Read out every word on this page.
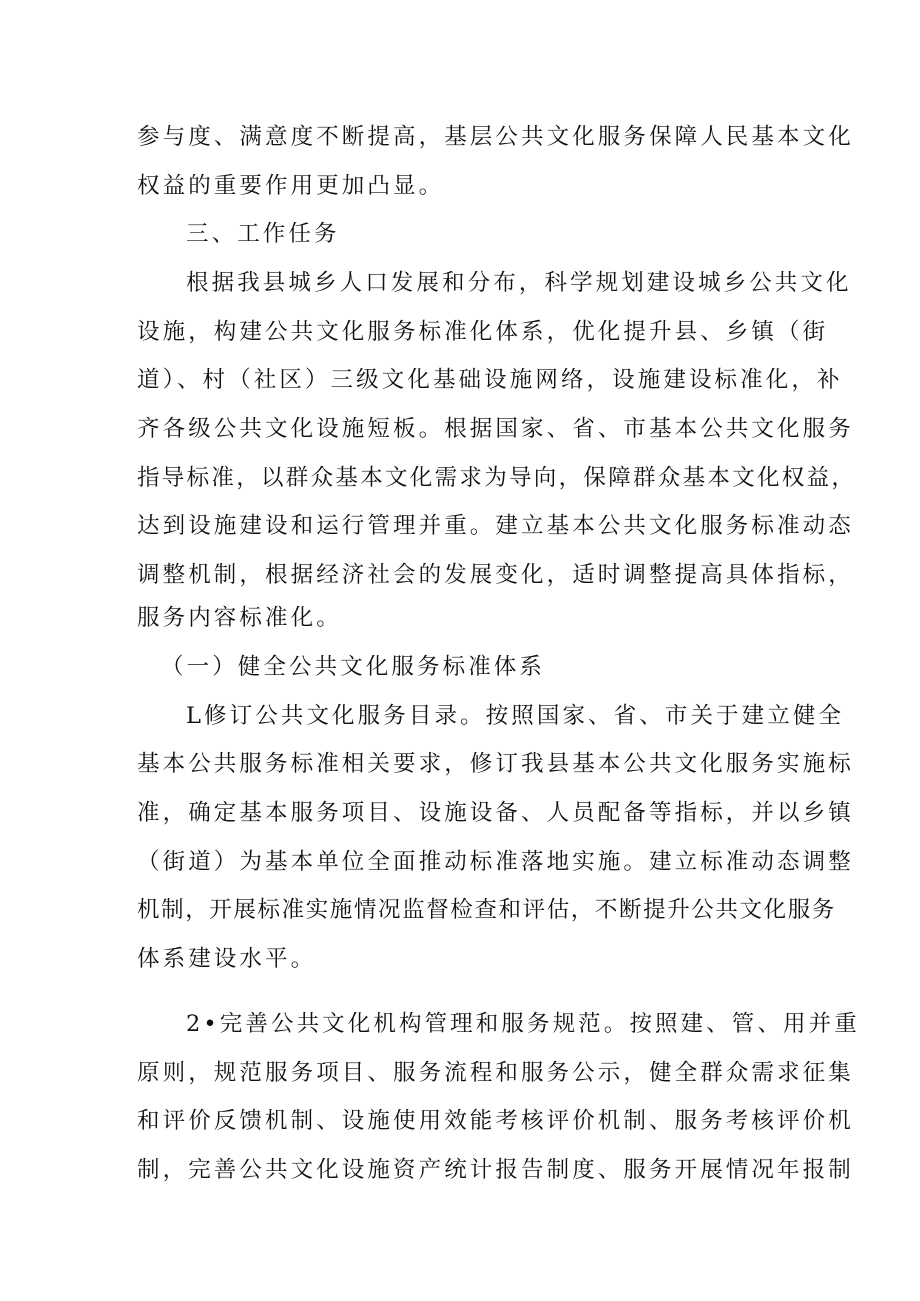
参与度、满意度不断提高，基层公共文化服务保障人民基本文化
权益的重要作用更加凸显。
三、工作任务
根据我县城乡人口发展和分布，科学规划建设城乡公共文化
设施，构建公共文化服务标准化体系，优化提升县、乡镇（街
道）、村（社区）三级文化基础设施网络，设施建设标准化，补
齐各级公共文化设施短板。根据国家、省、市基本公共文化服务
指导标准，以群众基本文化需求为导向，保障群众基本文化权益，
达到设施建设和运行管理并重。建立基本公共文化服务标准动态
调整机制，根据经济社会的发展变化，适时调整提高具体指标，
服务内容标准化。
（一）健全公共文化服务标准体系
L修订公共文化服务目录。按照国家、省、市关于建立健全
基本公共服务标准相关要求，修订我县基本公共文化服务实施标
准，确定基本服务项目、设施设备、人员配备等指标，并以乡镇
（街道）为基本单位全面推动标准落地实施。建立标准动态调整
机制，开展标准实施情况监督检查和评估，不断提升公共文化服务
体系建设水平。
2•完善公共文化机构管理和服务规范。按照建、管、用并重
原则，规范服务项目、服务流程和服务公示，健全群众需求征集
和评价反馈机制、设施使用效能考核评价机制、服务考核评价机
制，完善公共文化设施资产统计报告制度、服务开展情况年报制
